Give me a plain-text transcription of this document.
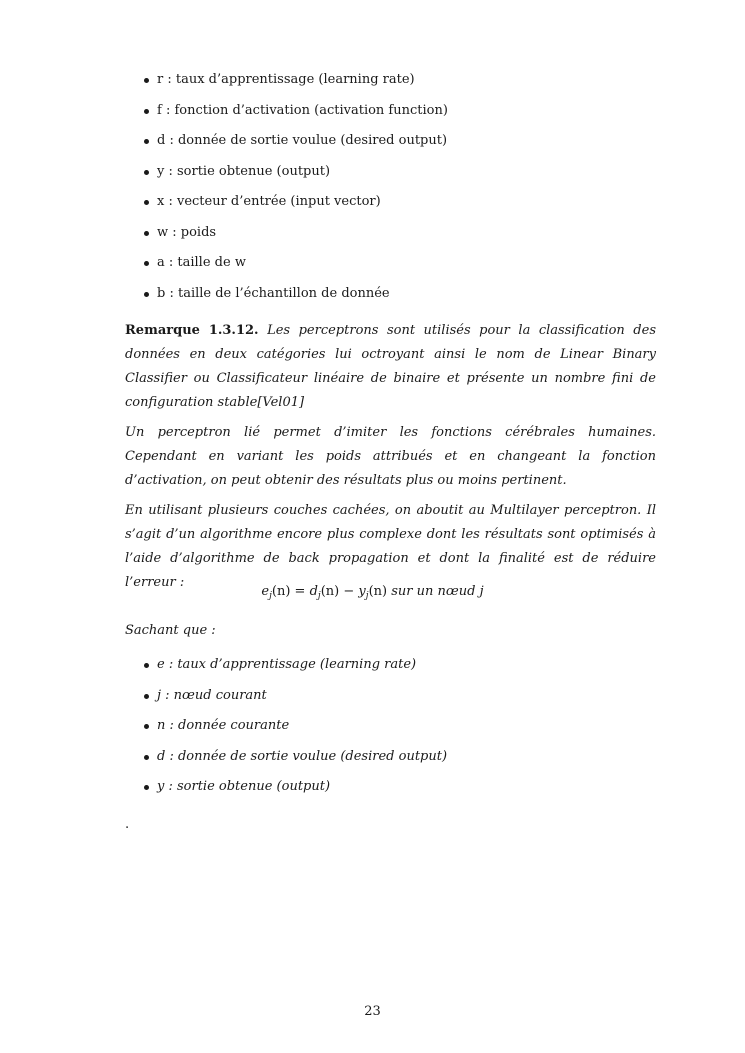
r : taux d’apprentissage (learning rate)
f : fonction d’activation (activation function)
d : donnée de sortie voulue (desired output)
y : sortie obtenue (output)
x : vecteur d’entrée (input vector)
w : poids
a : taille de w
b : taille de l’échantillon de donnée

Remarque 1.3.12. Les perceptrons sont utilisés pour la classification des données en deux catégories lui octroyant ainsi le nom de Linear Binary Classifier ou Classificateur linéaire de binaire et présente un nombre fini de configuration stable[Vel01]

Un perceptron lié permet d’imiter les fonctions cérébrales humaines. Cependant en variant les poids attribués et en changeant la fonction d’activation, on peut obtenir des résultats plus ou moins pertinent.

En utilisant plusieurs couches cachées, on aboutit au Multilayer perceptron. Il s’agit d’un algorithme encore plus complexe dont les résultats sont optimisés à l’aide d’algorithme de back propagation et dont la finalité est de réduire l’erreur :

$e_j(n) = d_j(n) - y_j(n)$ sur un nœud j

Sachant que :

e : taux d’apprentissage (learning rate)
j : nœud courant
n : donnée courante
d : donnée de sortie voulue (desired output)
y : sortie obtenue (output)
.
23
